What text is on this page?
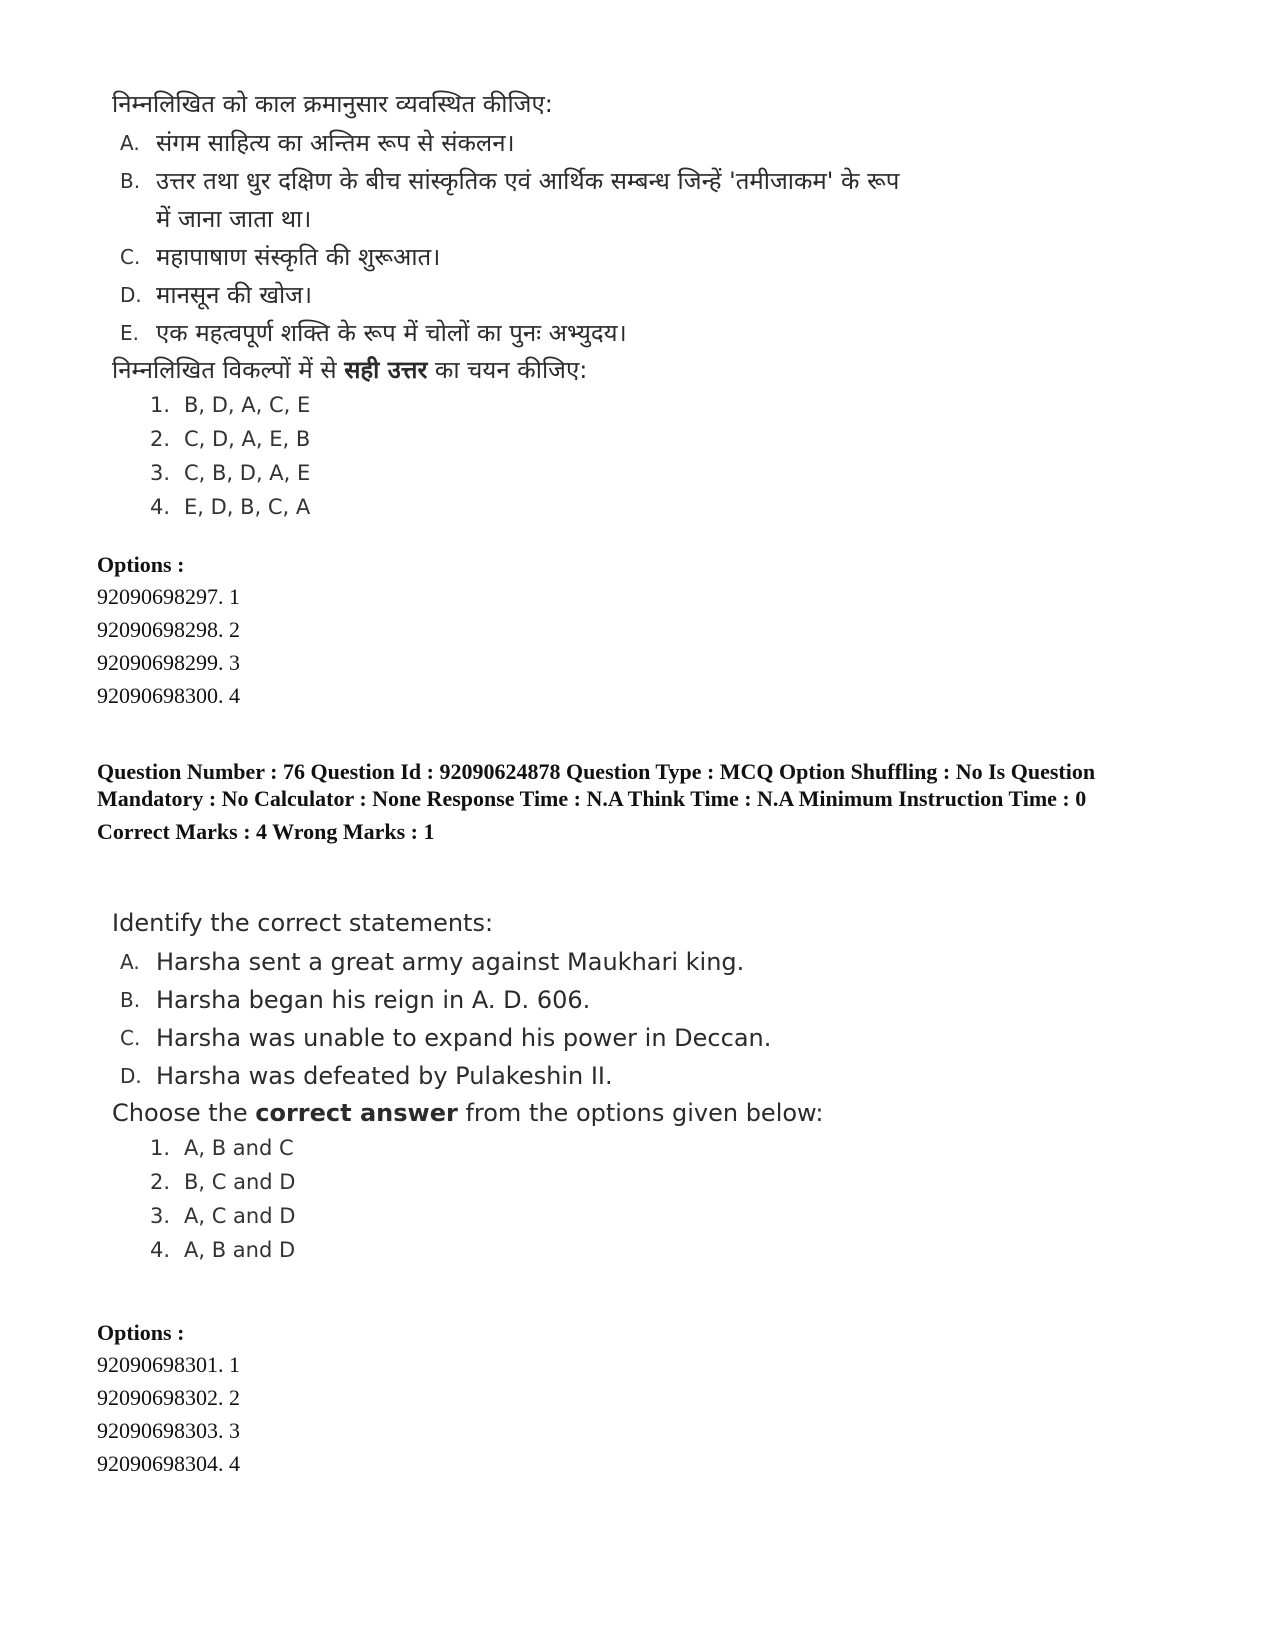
निम्नलिखित को काल क्रमानुसार व्यवस्थित कीजिए:
A. संगम साहित्य का अन्तिम रूप से संकलन।
B. उत्तर तथा धुर दक्षिण के बीच सांस्कृतिक एवं आर्थिक सम्बन्ध जिन्हें 'तमीजाकम' के रूप में जाना जाता था।
C. महापाषाण संस्कृति की शुरूआत।
D. मानसून की खोज।
E. एक महत्वपूर्ण शक्ति के रूप में चोलों का पुनः अभ्युदय।
निम्नलिखित विकल्पों में से सही उत्तर का चयन कीजिए:
1. B, D, A, C, E
2. C, D, A, E, B
3. C, B, D, A, E
4. E, D, B, C, A
Options :
92090698297. 1
92090698298. 2
92090698299. 3
92090698300. 4
Question Number : 76 Question Id : 92090624878 Question Type : MCQ Option Shuffling : No Is Question Mandatory : No Calculator : None Response Time : N.A Think Time : N.A Minimum Instruction Time : 0
Correct Marks : 4 Wrong Marks : 1
Identify the correct statements:
A. Harsha sent a great army against Maukhari king.
B. Harsha began his reign in A. D. 606.
C. Harsha was unable to expand his power in Deccan.
D. Harsha was defeated by Pulakeshin II.
Choose the correct answer from the options given below:
1. A, B and C
2. B, C and D
3. A, C and D
4. A, B and D
Options :
92090698301. 1
92090698302. 2
92090698303. 3
92090698304. 4
